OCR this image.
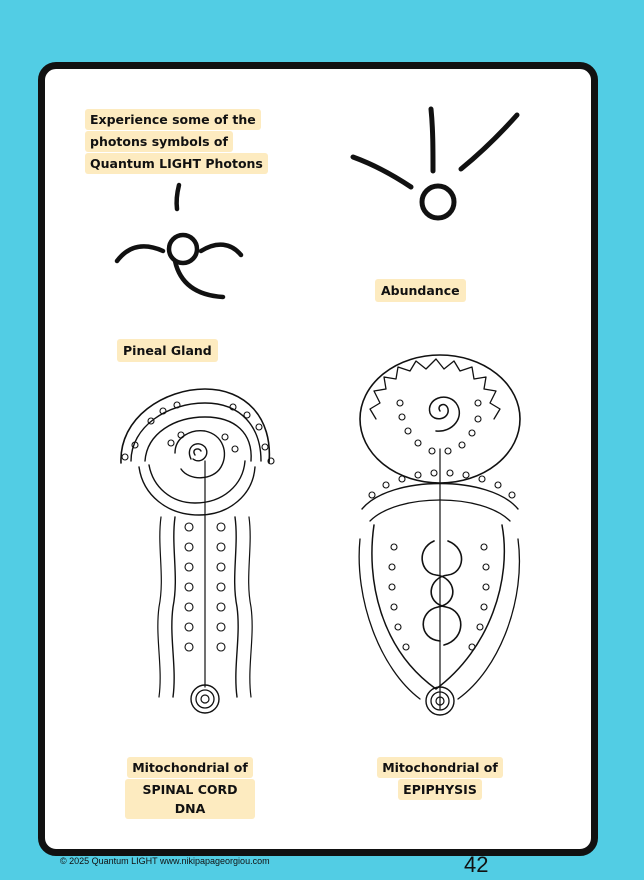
Experience some of the
photons symbols of
Quantum LIGHT Photons
Pineal Gland
Abundance
Mitochondrial of
SPINAL CORD DNA
Mitochondrial of
EPIPHYSIS
© 2025 Quantum LIGHT www.nikipapageorgiou.com	42
